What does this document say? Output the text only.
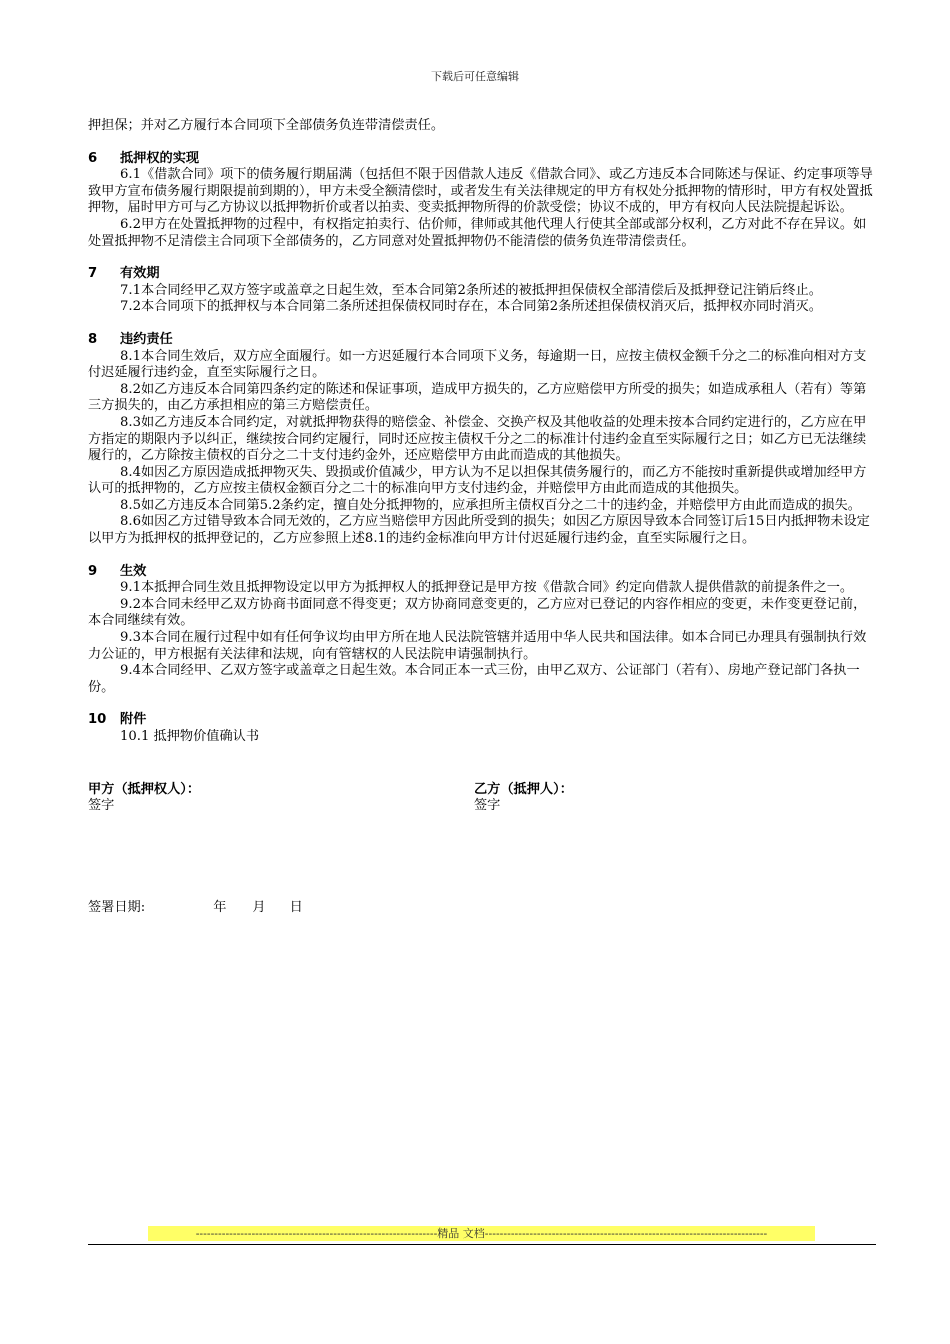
下载后可任意编辑

押担保；并对乙方履行本合同项下全部债务负连带清偿责任。

6 抵押权的实现

6.1《借款合同》项下的债务履行期届满（包括但不限于因借款人违反《借款合同》、或乙方违反本合同陈述与保证、约定事项等导致甲方宣布债务履行期限提前到期的），甲方未受全额清偿时，或者发生有关法律规定的甲方有权处分抵押物的情形时，甲方有权处置抵押物，届时甲方可与乙方协议以抵押物折价或者以拍卖、变卖抵押物所得的价款受偿；协议不成的，甲方有权向人民法院提起诉讼。

6.2甲方在处置抵押物的过程中，有权指定拍卖行、估价师，律师或其他代理人行使其全部或部分权利，乙方对此不存在异议。如处置抵押物不足清偿主合同项下全部债务的，乙方同意对处置抵押物仍不能清偿的债务负连带清偿责任。

7 有效期

7.1本合同经甲乙双方签字或盖章之日起生效，至本合同第2条所述的被抵押担保债权全部清偿后及抵押登记注销后终止。

7.2本合同项下的抵押权与本合同第二条所述担保债权同时存在，本合同第2条所述担保债权消灭后，抵押权亦同时消灭。

8 违约责任

8.1本合同生效后，双方应全面履行。如一方迟延履行本合同项下义务，每逾期一日，应按主债权金额千分之二的标准向相对方支付迟延履行违约金，直至实际履行之日。

8.2如乙方违反本合同第四条约定的陈述和保证事项，造成甲方损失的，乙方应赔偿甲方所受的损失；如造成承租人（若有）等第三方损失的，由乙方承担相应的第三方赔偿责任。

8.3如乙方违反本合同约定，对就抵押物获得的赔偿金、补偿金、交换产权及其他收益的处理未按本合同约定进行的，乙方应在甲方指定的期限内予以纠正，继续按合同约定履行，同时还应按主债权千分之二的标准计付违约金直至实际履行之日；如乙方已无法继续履行的，乙方除按主债权的百分之二十支付违约金外，还应赔偿甲方由此而造成的其他损失。

8.4如因乙方原因造成抵押物灭失、毁损或价值减少，甲方认为不足以担保其债务履行的，而乙方不能按时重新提供或增加经甲方认可的抵押物的，乙方应按主债权金额百分之二十的标准向甲方支付违约金，并赔偿甲方由此而造成的其他损失。

8.5如乙方违反本合同第5.2条约定，擅自处分抵押物的，应承担所主债权百分之二十的违约金，并赔偿甲方由此而造成的损失。

8.6如因乙方过错导致本合同无效的，乙方应当赔偿甲方因此所受到的损失；如因乙方原因导致本合同签订后15日内抵押物未设定以甲方为抵押权的抵押登记的，乙方应参照上述8.1的违约金标准向甲方计付迟延履行违约金，直至实际履行之日。

9 生效

9.1本抵押合同生效且抵押物设定以甲方为抵押权人的抵押登记是甲方按《借款合同》约定向借款人提供借款的前提条件之一。

9.2本合同未经甲乙双方协商书面同意不得变更；双方协商同意变更的，乙方应对已登记的内容作相应的变更，未作变更登记前，本合同继续有效。

9.3本合同在履行过程中如有任何争议均由甲方所在地人民法院管辖并适用中华人民共和国法律。如本合同已办理具有强制执行效力公证的，甲方根据有关法律和法规，向有管辖权的人民法院申请强制执行。

9.4本合同经甲、乙双方签字或盖章之日起生效。本合同正本一式三份，由甲乙双方、公证部门（若有）、房地产登记部门各执一份。

10 附件

10.1 抵押物价值确认书

甲方（抵押权人）：
签字
乙方（抵押人）：
签字
签署日期:	年 月 日
-----------------------------------------------------------------精品 文档----------------------------------------------------------------------------
